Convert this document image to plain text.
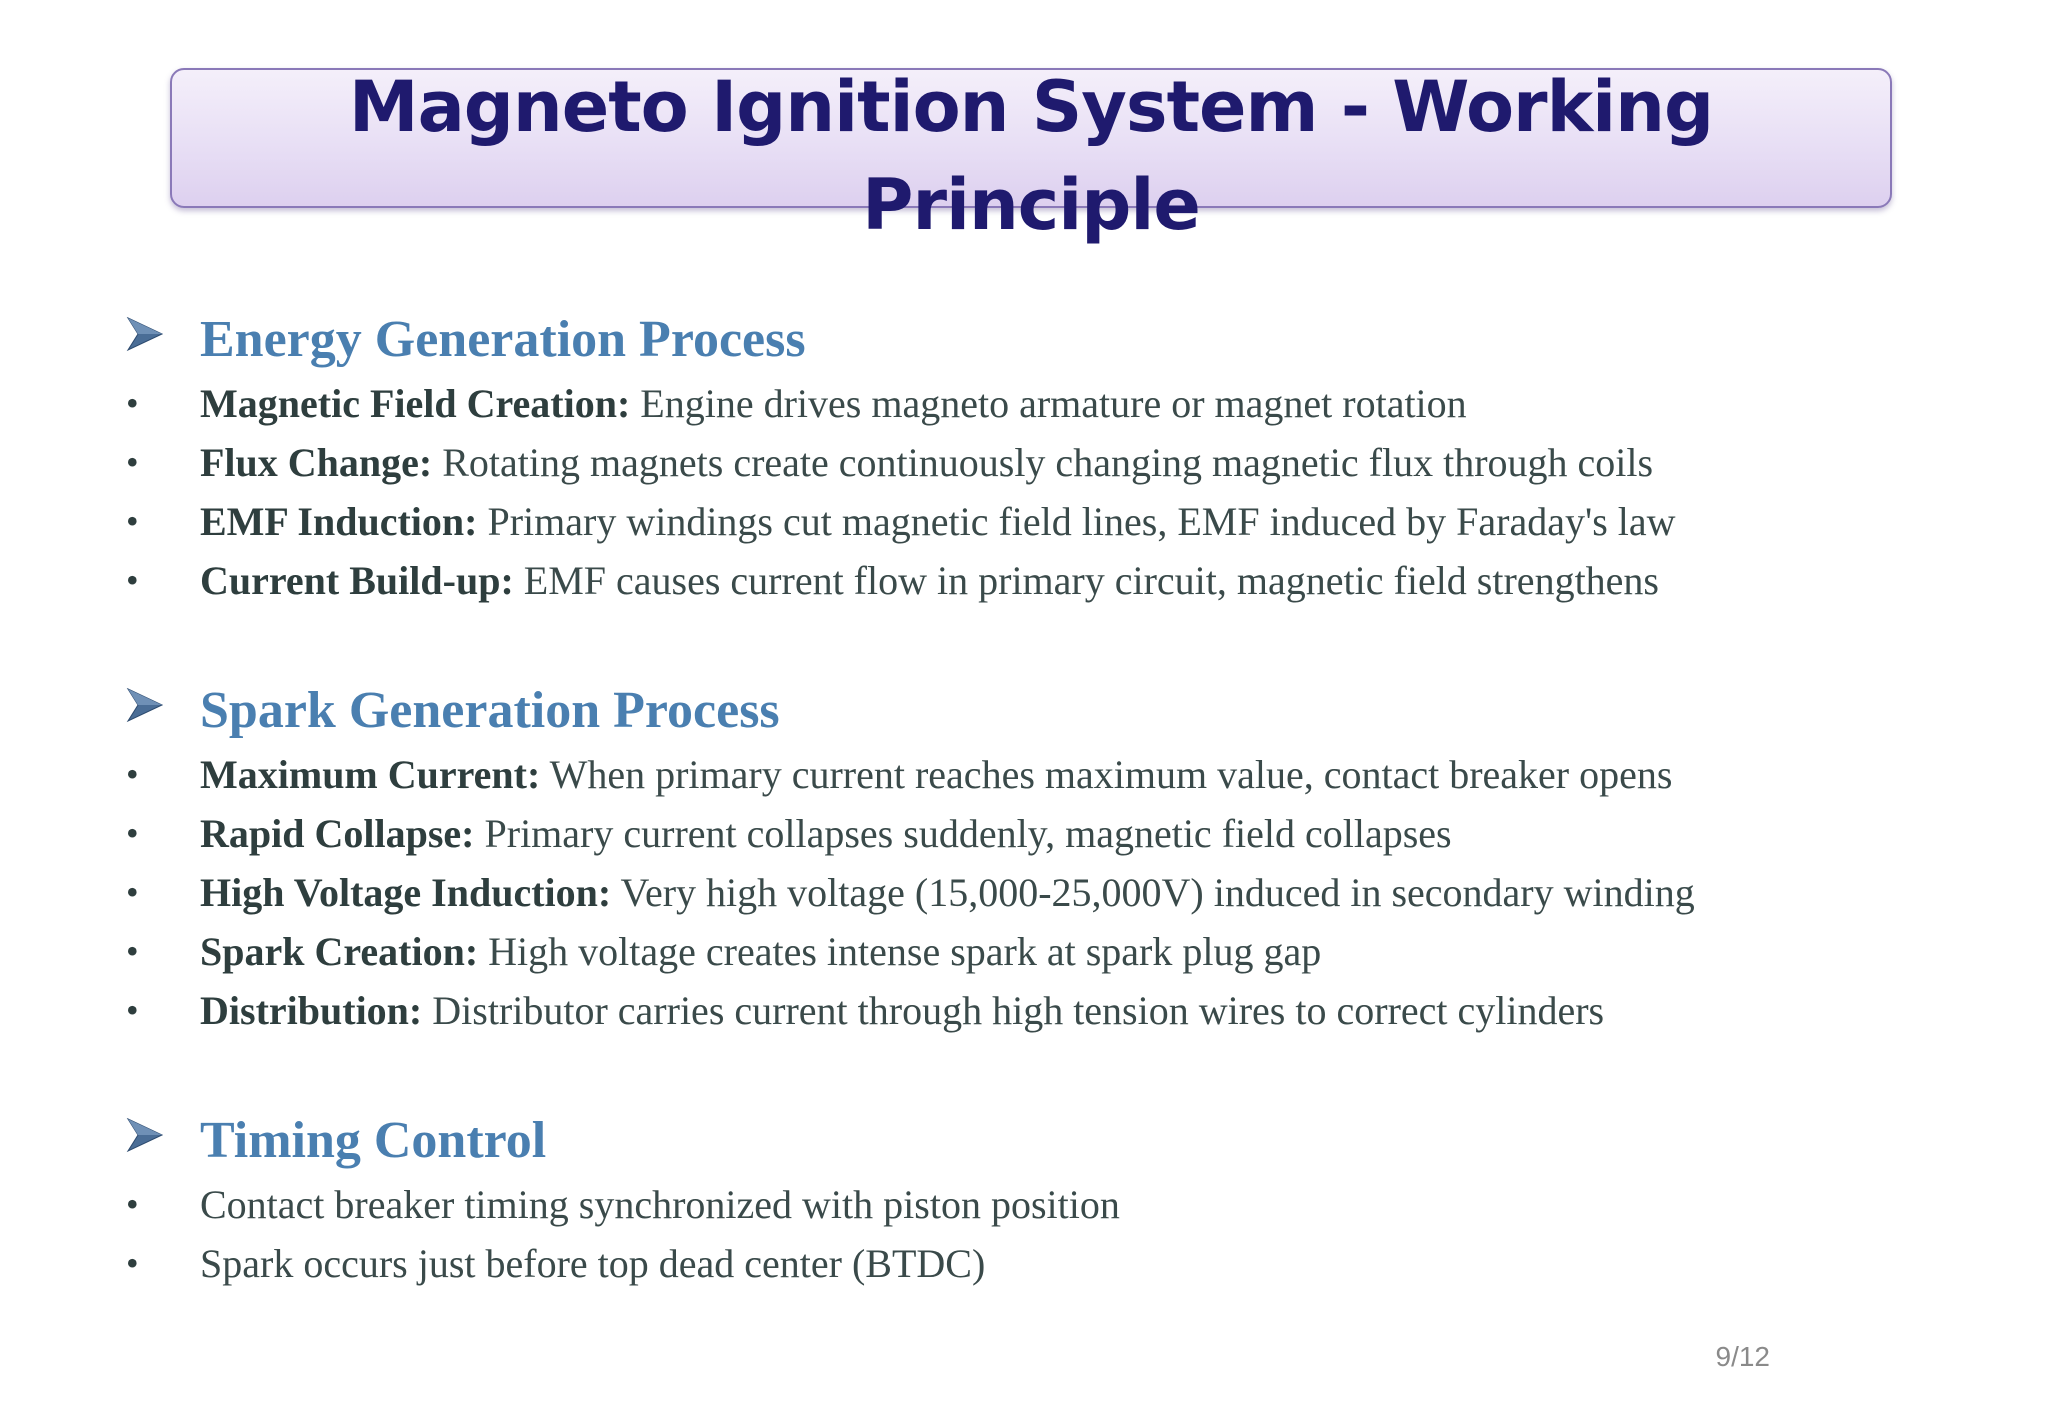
Magneto Ignition System - Working Principle
Energy Generation Process
• Magnetic Field Creation: Engine drives magneto armature or magnet rotation
• Flux Change: Rotating magnets create continuously changing magnetic flux through coils
• EMF Induction: Primary windings cut magnetic field lines, EMF induced by Faraday's law
• Current Build-up: EMF causes current flow in primary circuit, magnetic field strengthens
Spark Generation Process
• Maximum Current: When primary current reaches maximum value, contact breaker opens
• Rapid Collapse: Primary current collapses suddenly, magnetic field collapses
• High Voltage Induction: Very high voltage (15,000-25,000V) induced in secondary winding
• Spark Creation: High voltage creates intense spark at spark plug gap
• Distribution: Distributor carries current through high tension wires to correct cylinders
Timing Control
• Contact breaker timing synchronized with piston position
• Spark occurs just before top dead center (BTDC)
9/12
